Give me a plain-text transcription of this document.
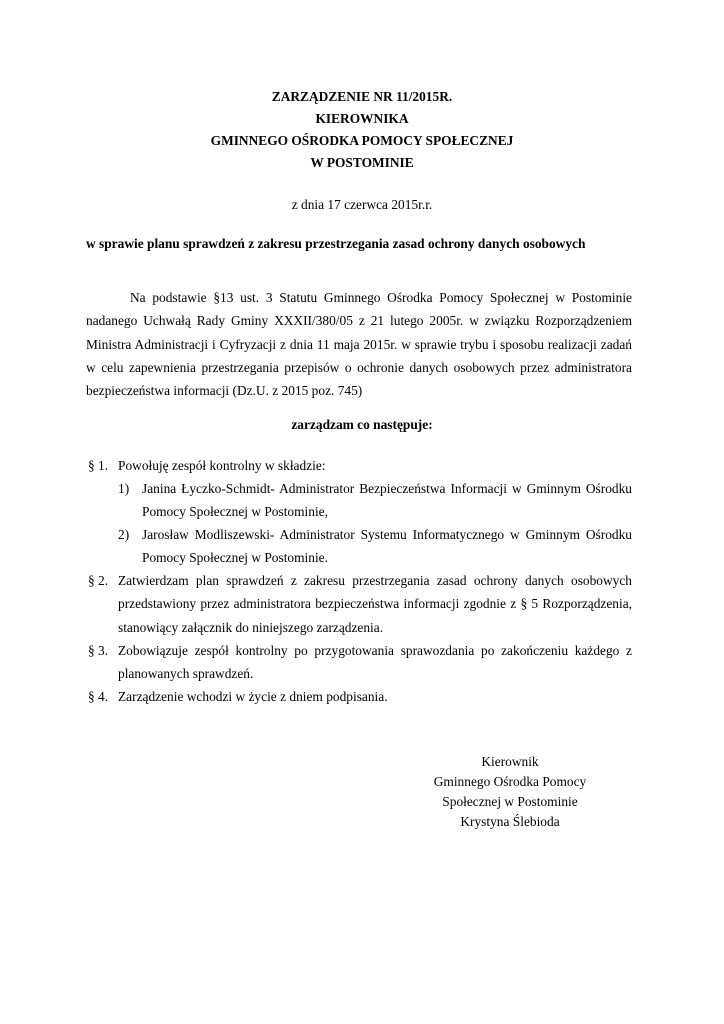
ZARZĄDZENIE NR 11/2015R.
KIEROWNIKA
GMINNEGO OŚRODKA POMOCY SPOŁECZNEJ
W POSTOMINIE
z dnia 17 czerwca 2015r.r.
w sprawie planu sprawdzeń z zakresu przestrzegania zasad ochrony danych osobowych
Na podstawie §13 ust. 3 Statutu Gminnego Ośrodka Pomocy Społecznej w Postominie nadanego Uchwałą Rady Gminy XXXII/380/05 z 21 lutego 2005r. w związku Rozporządzeniem Ministra Administracji i Cyfryzacji z dnia 11 maja 2015r. w sprawie trybu i sposobu realizacji zadań w celu zapewnienia przestrzegania przepisów o ochronie danych osobowych przez administratora bezpieczeństwa informacji (Dz.U. z 2015 poz. 745)
zarządzam co następuje:
§ 1. Powołuję zespół kontrolny w składzie:
1) Janina Łyczko-Schmidt- Administrator Bezpieczeństwa Informacji w Gminnym Ośrodku Pomocy Społecznej w Postominie,
2) Jarosław Modliszewski- Administrator Systemu Informatycznego w Gminnym Ośrodku Pomocy Społecznej w Postominie.
§ 2. Zatwierdzam plan sprawdzeń z zakresu przestrzegania zasad ochrony danych osobowych przedstawiony przez administratora bezpieczeństwa informacji zgodnie z § 5 Rozporządzenia, stanowiący załącznik do niniejszego zarządzenia.
§ 3. Zobowiązuje zespół kontrolny po przygotowania sprawozdania po zakończeniu każdego z planowanych sprawdzeń.
§ 4. Zarządzenie wchodzi w życie z dniem podpisania.
Kierownik
Gminnego Ośrodka Pomocy
Społecznej w Postominie
Krystyna Ślebioda
